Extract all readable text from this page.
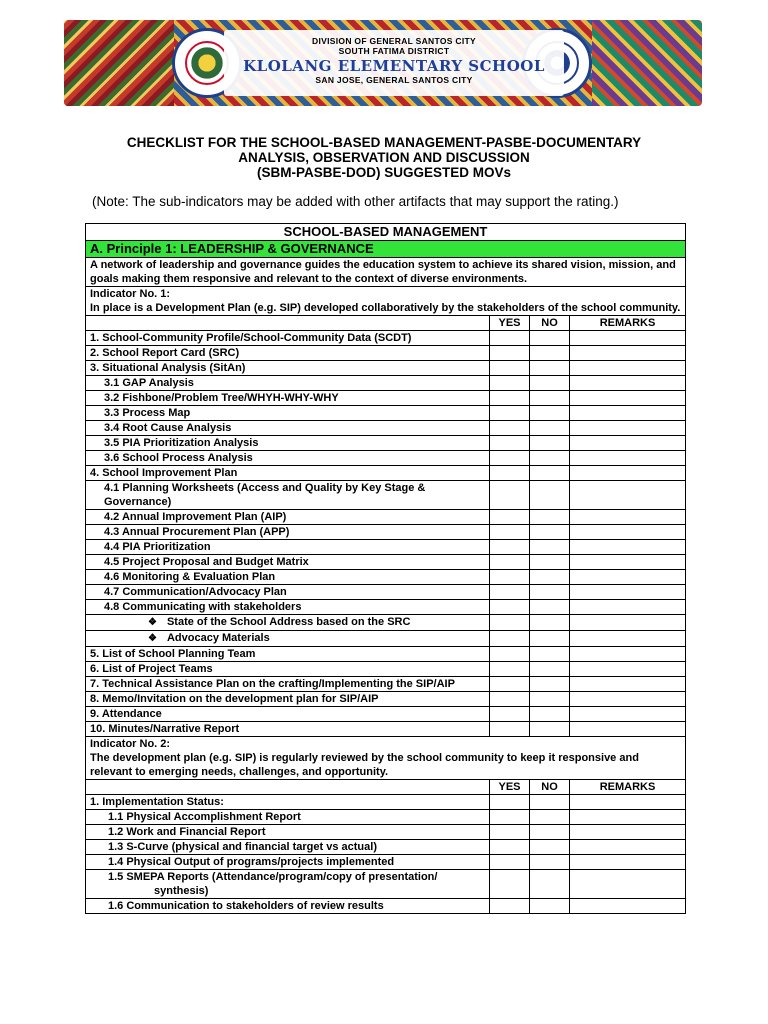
DIVISION OF GENERAL SANTOS CITY
SOUTH FATIMA DISTRICT
KLOLANG ELEMENTARY SCHOOL
SAN JOSE, GENERAL SANTOS CITY
CHECKLIST FOR THE SCHOOL-BASED MANAGEMENT-PASBE-DOCUMENTARY
ANALYSIS, OBSERVATION AND DISCUSSION
(SBM-PASBE-DOD) SUGGESTED MOVs
(Note: The sub-indicators may be added with other artifacts that may support the rating.)
SCHOOL-BASED MANAGEMENT			
A. Principle 1: LEADERSHIP & GOVERNANCE			
A network of leadership and governance guides the education system to achieve its shared vision, mission, and goals making them responsive and relevant to the context of diverse environments.			

Indicator No. 1:
In place is a Development Plan (e.g. SIP) developed collaboratively by the stakeholders of the school community.			

	YES	NO	REMARKS
1. School-Community Profile/School-Community Data (SCDT)			
2. School Report Card (SRC)			
3. Situational Analysis (SitAn)			
3.1 GAP Analysis			
3.2 Fishbone/Problem Tree/WHYH-WHY-WHY			
3.3 Process Map			
3.4 Root Cause Analysis			
3.5 PIA Prioritization Analysis			
3.6 School Process Analysis			
4. School Improvement Plan			
4.1 Planning Worksheets (Access and Quality by Key Stage & Governance)			
4.2 Annual Improvement Plan (AIP)			
4.3 Annual Procurement Plan (APP)			
4.4 PIA Prioritization			
4.5 Project Proposal and Budget Matrix			
4.6 Monitoring & Evaluation Plan			
4.7 Communication/Advocacy Plan			
4.8 Communicating with stakeholders			
❖ State of the School Address based on the SRC			
❖ Advocacy Materials			
5. List of School Planning Team			
6. List of Project Teams			
7. Technical Assistance Plan on the crafting/Implementing the SIP/AIP			
8. Memo/Invitation on the development plan for SIP/AIP			
9. Attendance			
10. Minutes/Narrative Report			

Indicator No. 2:
The development plan (e.g. SIP) is regularly reviewed by the school community to keep it responsive and relevant to emerging needs, challenges, and opportunity.			

	YES	NO	REMARKS
1. Implementation Status:			
1.1 Physical Accomplishment Report			
1.2 Work and Financial Report			
1.3 S-Curve (physical and financial target vs actual)			
1.4 Physical Output of programs/projects implemented			
1.5 SMEPA Reports (Attendance/program/copy of presentation/
synthesis)			

1.6 Communication to stakeholders of review results			
